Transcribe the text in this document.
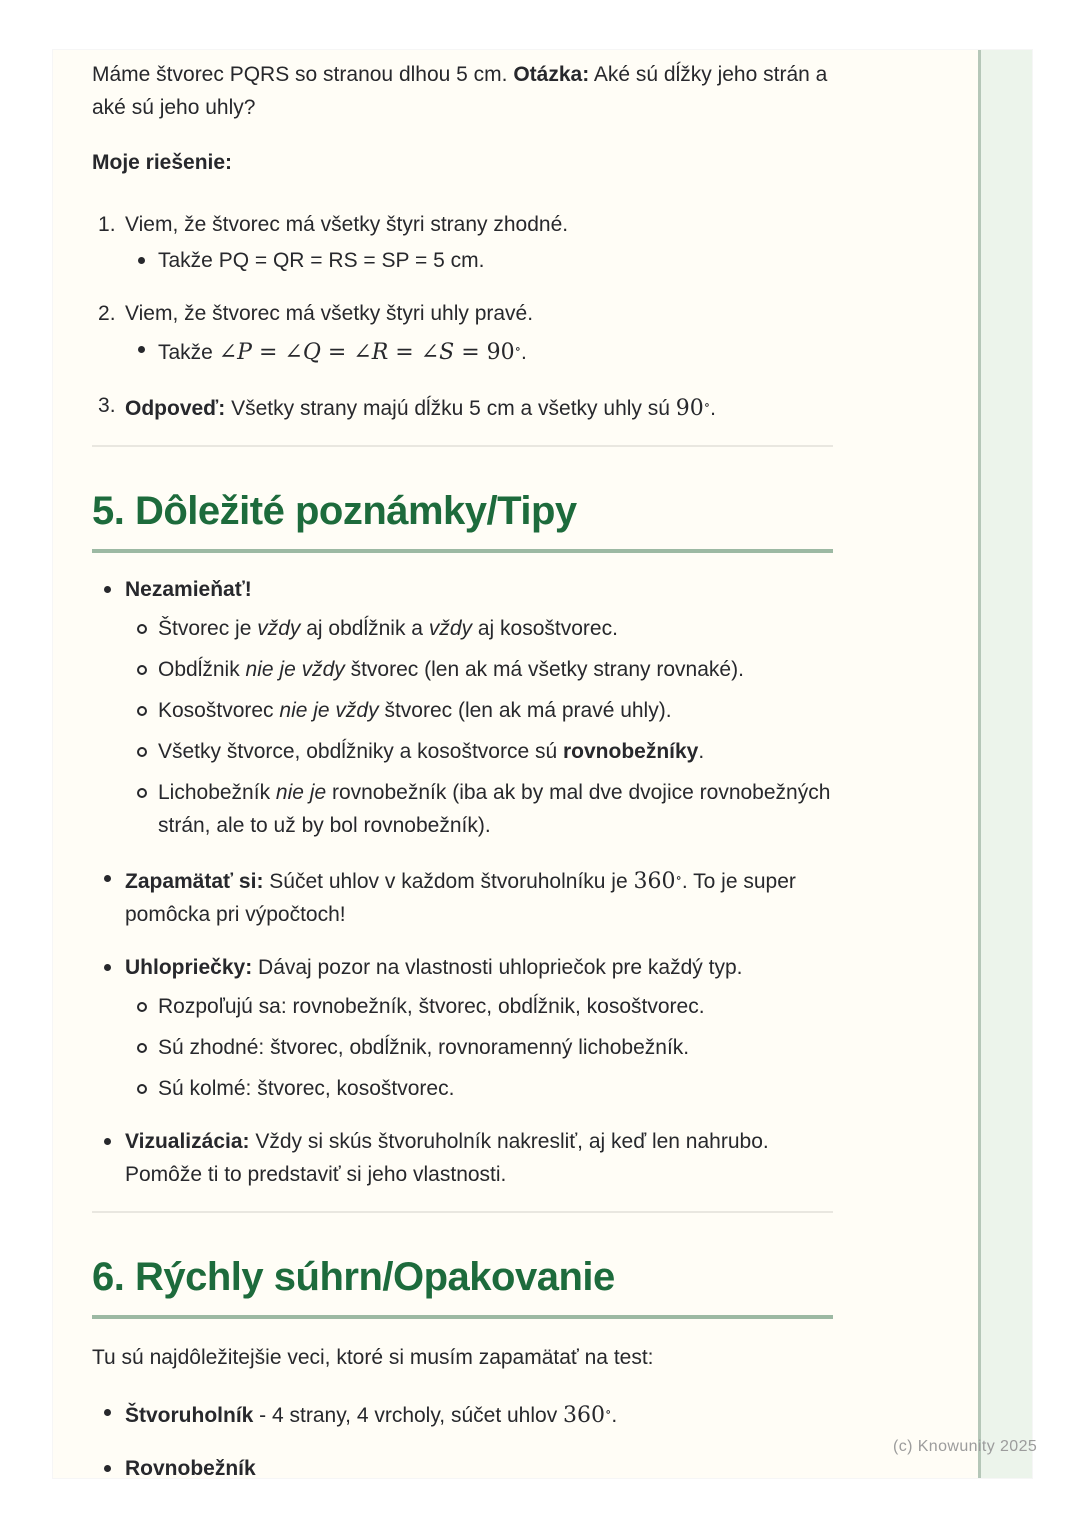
Máme štvorec PQRS so stranou dlhou 5 cm. Otázka: Aké sú dĺžky jeho strán a aké sú jeho uhly?

Moje riešenie:

Viem, že štvorec má všetky štyri strany zhodné.
Takže PQ = QR = RS = SP = 5 cm.
Viem, že štvorec má všetky štyri uhly pravé.
Takže ∠P = ∠Q = ∠R = ∠S = 90∘.
Odpoveď: Všetky strany majú dĺžku 5 cm a všetky uhly sú 90∘.
5. Dôležité poznámky/Tipy
Nezamieňať!
Štvorec je vždy aj obdĺžnik a vždy aj kosoštvorec.
Obdĺžnik nie je vždy štvorec (len ak má všetky strany rovnaké).
Kosoštvorec nie je vždy štvorec (len ak má pravé uhly).
Všetky štvorce, obdĺžniky a kosoštvorce sú rovnobežníky.
Lichobežník nie je rovnobežník (iba ak by mal dve dvojice rovnobežných strán, ale to už by bol rovnobežník).
Zapamätať si: Súčet uhlov v každom štvoruholníku je 360∘. To je super pomôcka pri výpočtoch!
Uhlopriečky: Dávaj pozor na vlastnosti uhlopriečok pre každý typ.
Rozpoľujú sa: rovnobežník, štvorec, obdĺžnik, kosoštvorec.
Sú zhodné: štvorec, obdĺžnik, rovnoramenný lichobežník.
Sú kolmé: štvorec, kosoštvorec.
Vizualizácia: Vždy si skús štvoruholník nakresliť, aj keď len nahrubo. Pomôže ti to predstaviť si jeho vlastnosti.
6. Rýchly súhrn/Opakovanie

Tu sú najdôležitejšie veci, ktoré si musím zapamätať na test:

Štvoruholník - 4 strany, 4 vrcholy, súčet uhlov 360∘.
Rovnobežník
(c) Knowunity 2025
